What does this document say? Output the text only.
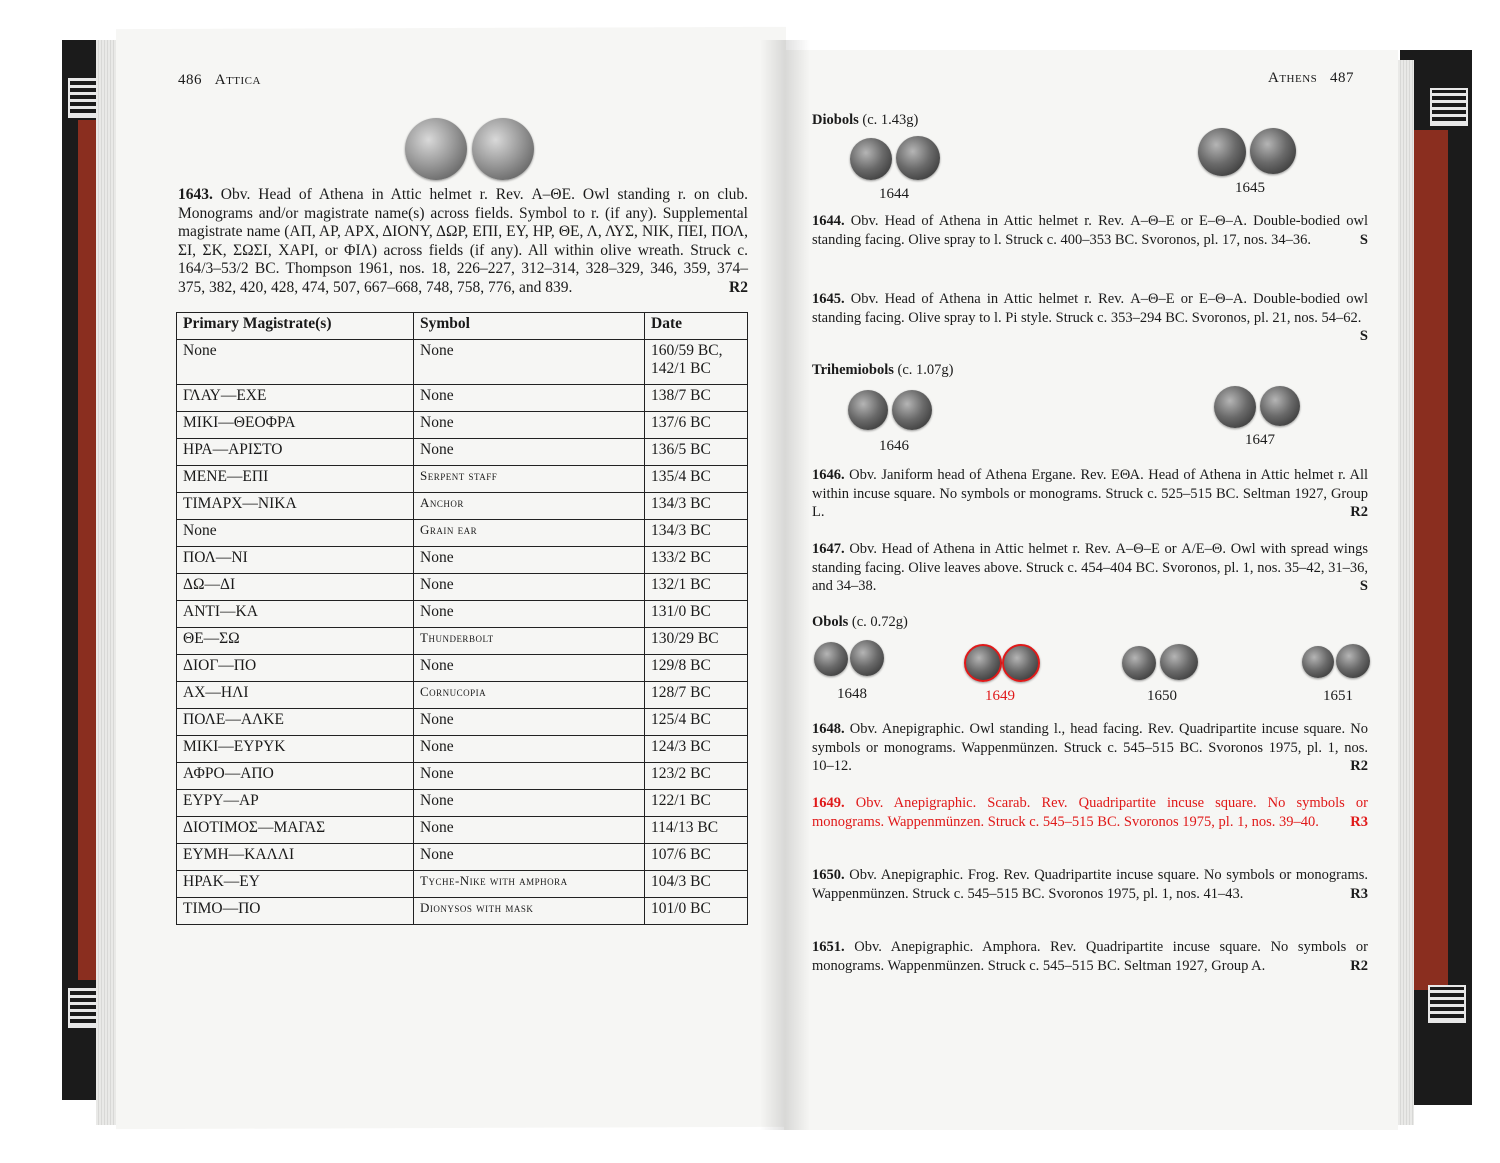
486 Attica
1643. Obv. Head of Athena in Attic helmet r. Rev. Α–ΘΕ. Owl standing r. on club. Monograms and/or magistrate name(s) across fields. Symbol to r. (if any). Supplemental magistrate name (ΑΠ, ΑΡ, ΑΡΧ, ΔΙΟΝΥ, ΔΩΡ, ΕΠΙ, ΕΥ, ΗΡ, ΘΕ, Λ, ΛΥΣ, ΝΙΚ, ΠΕΙ, ΠΟΛ, ΣΙ, ΣΚ, ΣΩΣΙ, ΧΑΡΙ, or ΦΙΛ) across fields (if any). All within olive wreath. Struck c. 164/3–53/2 BC. Thompson 1961, nos. 18, 226–227, 312–314, 328–329, 346, 359, 374–375, 382, 420, 428, 474, 507, 667–668, 748, 758, 776, and 839.	R2
Primary Magistrate(s)	Symbol	Date
None	None	160/59 BC, 142/1 BC
ΓΛΑΥ—ΕΧΕ	None	138/7 BC
ΜΙΚΙ—ΘΕΟΦΡΑ	None	137/6 BC
ΗΡΑ—ΑΡΙΣΤΟ	None	136/5 BC
ΜΕΝΕ—ΕΠΙ	Serpent staff	135/4 BC
ΤΙΜΑΡΧ—ΝΙΚΑ	Anchor	134/3 BC
None	Grain ear	134/3 BC
ΠΟΛ—ΝΙ	None	133/2 BC
ΔΩ—ΔΙ	None	132/1 BC
ΑΝΤΙ—ΚΑ	None	131/0 BC
ΘΕ—ΣΩ	Thunderbolt	130/29 BC
ΔΙΟΓ—ΠΟ	None	129/8 BC
ΑΧ—ΗΛΙ	Cornucopia	128/7 BC
ΠΟΛΕ—ΑΛΚΕ	None	125/4 BC
ΜΙΚΙ—ΕΥΡΥΚ	None	124/3 BC
ΑΦΡΟ—ΑΠΟ	None	123/2 BC
ΕΥΡΥ—ΑΡ	None	122/1 BC
ΔΙΟΤΙΜΟΣ—ΜΑΓΑΣ	None	114/13 BC
ΕΥΜΗ—ΚΑΛΛΙ	None	107/6 BC
ΗΡΑΚ—ΕΥ	Tyche-Nike with amphora	104/3 BC
ΤΙΜΟ—ΠΟ	Dionysos with mask	101/0 BC
Athens 487
Diobols (c. 1.43g)
1644	1645
1644. Obv. Head of Athena in Attic helmet r. Rev. Α–Θ–Ε or Ε–Θ–Α. Double-bodied owl standing facing. Olive spray to l. Struck c. 400–353 BC. Svoronos, pl. 17, nos. 34–36.	S
1645. Obv. Head of Athena in Attic helmet r. Rev. Α–Θ–Ε or Ε–Θ–Α. Double-bodied owl standing facing. Olive spray to l. Pi style. Struck c. 353–294 BC. Svoronos, pl. 21, nos. 54–62.
S
Trihemiobols (c. 1.07g)
1646	1647
1646. Obv. Janiform head of Athena Ergane. Rev. ΕΘΑ. Head of Athena in Attic helmet r. All within incuse square. No symbols or monograms. Struck c. 525–515 BC. Seltman 1927, Group L.	R2
1647. Obv. Head of Athena in Attic helmet r. Rev. Α–Θ–Ε or Α/Ε–Θ. Owl with spread wings standing facing. Olive leaves above. Struck c. 454–404 BC. Svoronos, pl. 1, nos. 35–42, 31–36, and 34–38.	S
Obols (c. 0.72g)
1648	1649	1650	1651
1648. Obv. Anepigraphic. Owl standing l., head facing. Rev. Quadripartite incuse square. No symbols or monograms. Wappenmünzen. Struck c. 545–515 BC. Svoronos 1975, pl. 1, nos. 10–12.	R2
1649. Obv. Anepigraphic. Scarab. Rev. Quadripartite incuse square. No symbols or monograms. Wappenmünzen. Struck c. 545–515 BC. Svoronos 1975, pl. 1, nos. 39–40. R3
1650. Obv. Anepigraphic. Frog. Rev. Quadripartite incuse square. No symbols or monograms. Wappenmünzen. Struck c. 545–515 BC. Svoronos 1975, pl. 1, nos. 41–43.	R3
1651. Obv. Anepigraphic. Amphora. Rev. Quadripartite incuse square. No symbols or monograms. Wappenmünzen. Struck c. 545–515 BC. Seltman 1927, Group A.	R2
